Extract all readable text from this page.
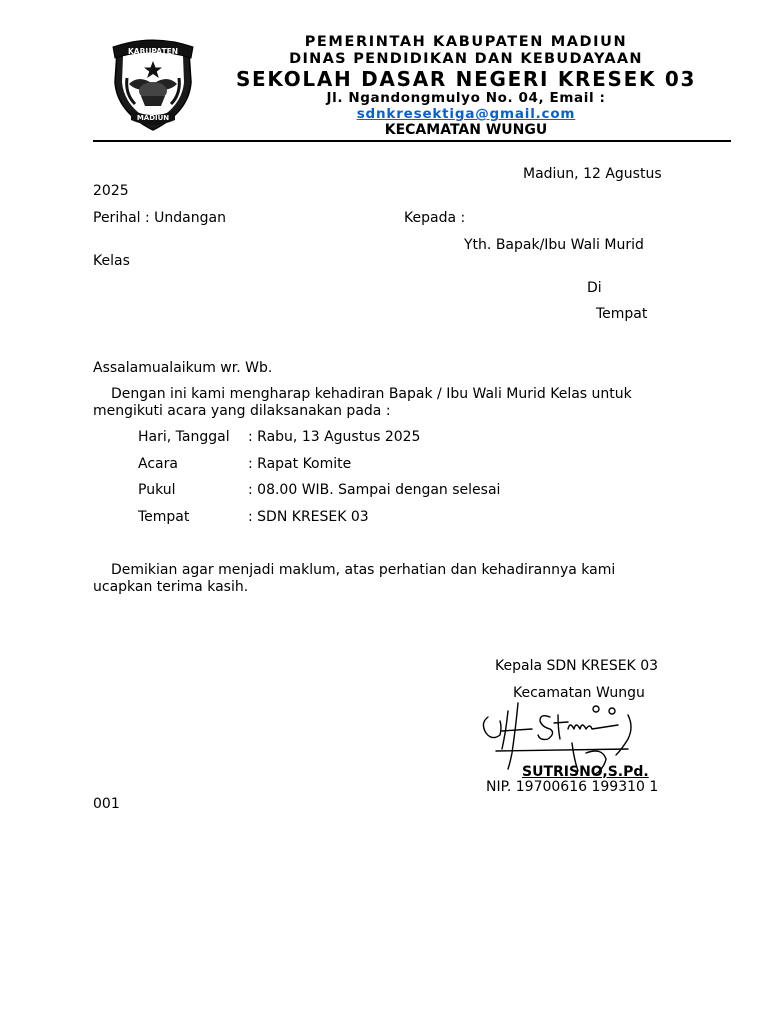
KABUPATEN
MADIUN
PEMERINTAH KABUPATEN MADIUN
DINAS PENDIDIKAN DAN KEBUDAYAAN
SEKOLAH DASAR NEGERI KRESEK 03
Jl. Ngandongmulyo No. 04, Email :
sdnkresektiga@gmail.com
KECAMATAN WUNGU
Madiun, 12 Agustus
2025
Perihal : Undangan	Kepada :
Yth. Bapak/Ibu Wali Murid
Kelas
Di
Tempat
Assalamualaikum wr. Wb.
Dengan ini kami mengharap kehadiran Bapak / Ibu Wali Murid Kelas untuk mengikuti acara yang dilaksanakan pada :
Hari, Tanggal : Rabu, 13 Agustus 2025
Acara	: Rapat Komite
Pukul	: 08.00 WIB. Sampai dengan selesai
Tempat	: SDN KRESEK 03
Demikian agar menjadi maklum, atas perhatian dan kehadirannya kami ucapkan terima kasih.
Kepala SDN KRESEK 03
Kecamatan Wungu
SUTRISNO,S.Pd.
NIP. 19700616 199310 1
001
